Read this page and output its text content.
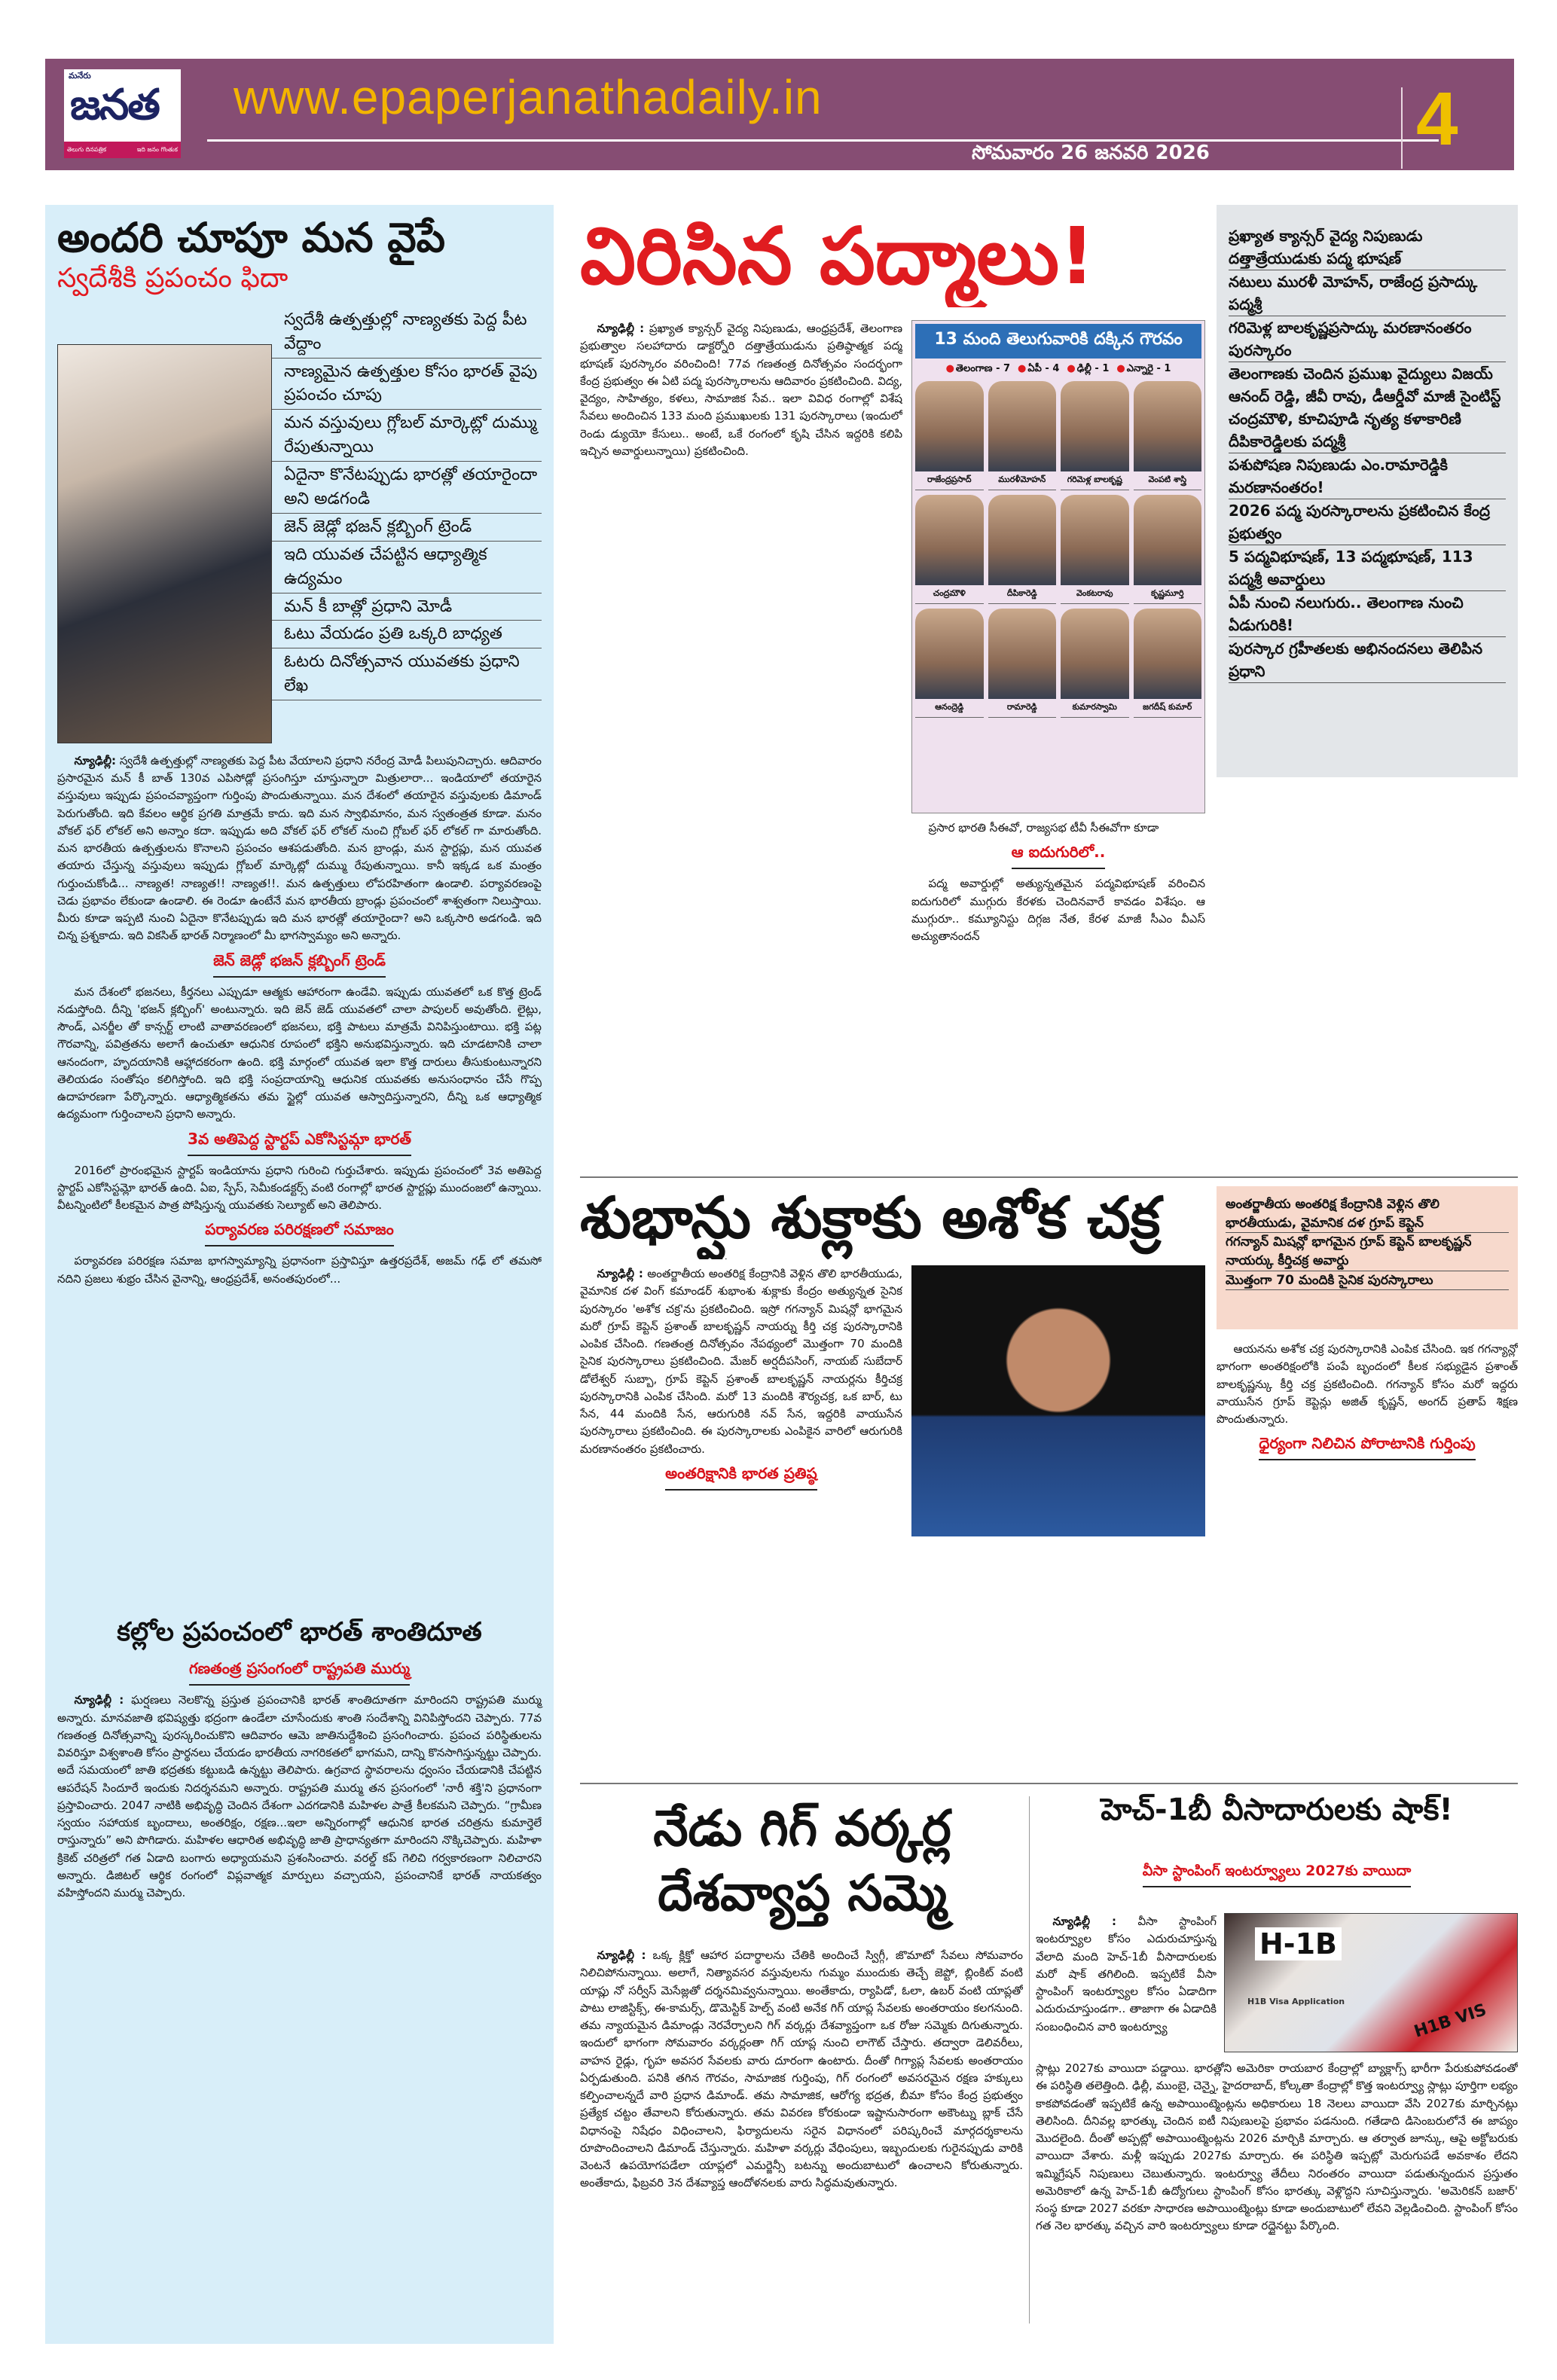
మనేరు
జనత
తెలుగు దినపత్రిక	ఇది జనం గొంతుక
www.epaperjanathadaily.in
సోమవారం 26 జనవరి 2026	4
అందరి చూపూ మన వైపే
స్వదేశీకి ప్రపంచం ఫిదా
స్వదేశీ ఉత్పత్తుల్లో నాణ్యతకు పెద్ద పీట వేద్దాం
నాణ్యమైన ఉత్పత్తుల కోసం భారత్ వైపు ప్రపంచం చూపు
మన వస్తువులు గ్లోబల్ మార్కెట్లో దుమ్ము రేపుతున్నాయి
ఏదైనా కొనేటప్పుడు భారత్లో తయారైందా అని అడగండి
జెన్ జెడ్లో భజన్ క్లబ్బింగ్ ట్రెండ్
ఇది యువత చేపట్టిన ఆధ్యాత్మిక ఉద్యమం
మన్ కీ బాత్లో ప్రధాని మోడీ
ఓటు వేయడం ప్రతి ఒక్కరి బాధ్యత
ఓటరు దినోత్సవాన యువతకు ప్రధాని లేఖ

న్యూఢిల్లీ: స్వదేశీ ఉత్పత్తుల్లో నాణ్యతకు పెద్ద పీట వేయాలని ప్రధాని నరేంద్ర మోడీ పిలుపునిచ్చారు. ఆదివారం ప్రసారమైన మన్ కీ బాత్ 130వ ఎపిసోడ్లో ప్రసంగిస్తూ చూస్తున్నారా మిత్రులారా... ఇండియాలో తయారైన వస్తువులు ఇప్పుడు ప్రపంచవ్యాప్తంగా గుర్తింపు పొందుతున్నాయి. మన దేశంలో తయారైన వస్తువులకు డిమాండ్ పెరుగుతోంది. ఇది కేవలం ఆర్థిక ప్రగతి మాత్రమే కాదు. ఇది మన స్వాభిమానం, మన స్వతంత్రత కూడా. మనం వోకల్ ఫర్ లోకల్ అని అన్నాం కదా. ఇప్పుడు అది వోకల్ ఫర్ లోకల్ నుంచి గ్లోబల్ ఫర్ లోకల్ గా మారుతోంది. మన భారతీయ ఉత్పత్తులను కొనాలని ప్రపంచం ఆశపడుతోంది. మన బ్రాండ్లు, మన స్టార్టప్లు, మన యువత తయారు చేస్తున్న వస్తువులు ఇప్పుడు గ్లోబల్ మార్కెట్లో దుమ్ము రేపుతున్నాయి. కానీ ఇక్కడ ఒక మంత్రం గుర్తుంచుకోండి... నాణ్యత! నాణ్యత!! నాణ్యత!!. మన ఉత్పత్తులు లోపరహితంగా ఉండాలి. పర్యావరణంపై చెడు ప్రభావం లేకుండా ఉండాలి. ఈ రెండూ ఉంటేనే మన భారతీయ బ్రాండ్లు ప్రపంచంలో శాశ్వతంగా నిలుస్తాయి. మీరు కూడా ఇప్పటి నుంచి ఏదైనా కొనేటప్పుడు ఇది మన భారత్లో తయారైందా? అని ఒక్కసారి అడగండి. ఇది చిన్న ప్రశ్నకాదు. ఇది వికసిత్ భారత్ నిర్మాణంలో మీ భాగస్వామ్యం అని అన్నారు.

జెన్ జెడ్లో భజన్ క్లబ్బింగ్ ట్రెండ్

మన దేశంలో భజనలు, కీర్తనలు ఎప్పుడూ ఆత్మకు ఆహారంగా ఉండేవి. ఇప్పుడు యువతలో ఒక కొత్త ట్రెండ్ నడుస్తోంది. దీన్ని 'భజన్ క్లబ్బింగ్' అంటున్నారు. ఇది జెన్ జెడ్ యువతలో చాలా పాపులర్ అవుతోంది. లైట్లు, సౌండ్, ఎనర్జీల తో కాన్సర్ట్ లాంటి వాతావరణంలో భజనలు, భక్తి పాటలు మాత్రమే వినిపిస్తుంటాయి. భక్తి పట్ల గౌరవాన్ని, పవిత్రతను అలాగే ఉంచుతూ ఆధునిక రూపంలో భక్తిని అనుభవిస్తున్నారు. ఇది చూడటానికి చాలా ఆనందంగా, హృదయానికి ఆహ్లాదకరంగా ఉంది. భక్తి మార్గంలో యువత ఇలా కొత్త దారులు తీసుకుంటున్నారని తెలియడం సంతోషం కలిగిస్తోంది. ఇది భక్తి సంప్రదాయాన్ని ఆధునిక యువతకు అనుసంధానం చేసే గొప్ప ఉదాహరణగా పేర్కొన్నారు. ఆధ్యాత్మికతను తమ స్టైల్లో యువత ఆస్వాదిస్తున్నారని, దీన్ని ఒక ఆధ్యాత్మిక ఉద్యమంగా గుర్తించాలని ప్రధాని అన్నారు.

3వ అతిపెద్ద స్టార్టప్ ఎకోసిస్టమ్గా భారత్

2016లో ప్రారంభమైన స్టార్టప్ ఇండియాను ప్రధాని గురించి గుర్తుచేశారు. ఇప్పుడు ప్రపంచంలో 3వ అతిపెద్ద స్టార్టప్ ఎకోసిస్టమ్లో భారత్ ఉంది. ఏఐ, స్పేస్, సెమీకండక్టర్స్ వంటి రంగాల్లో భారత స్టార్టప్లు ముందంజలో ఉన్నాయి. వీటన్నింటిలో కీలకమైన పాత్ర పోషిస్తున్న యువతకు సెల్యూట్ అని తెలిపారు.

పర్యావరణ పరిరక్షణలో సమాజం

పర్యావరణ పరిరక్షణ సమాజ భాగస్వామ్యాన్ని ప్రధానంగా ప్రస్తావిస్తూ ఉత్తరప్రదేశ్, అజమ్ గఢ్ లో తమసో నదిని ప్రజలు శుభ్రం చేసిన వైనాన్ని, ఆంధ్రప్రదేశ్, అనంతపురంలో...

కల్లోల ప్రపంచంలో భారత్ శాంతిదూత
గణతంత్ర ప్రసంగంలో రాష్ట్రపతి ముర్ము

న్యూఢిల్లీ : ఘర్షణలు నెలకొన్న ప్రస్తుత ప్రపంచానికి భారత్ శాంతిదూతగా మారిందని రాష్ట్రపతి ముర్ము అన్నారు. మానవజాతి భవిష్యత్తు భద్రంగా ఉండేలా చూసేందుకు శాంతి సందేశాన్ని వినిపిస్తోందని చెప్పారు. 77వ గణతంత్ర దినోత్సవాన్ని పురస్కరించుకొని ఆదివారం ఆమె జాతినుద్దేశించి ప్రసంగించారు. ప్రపంచ పరిస్థితులను వివరిస్తూ విశ్వశాంతి కోసం ప్రార్థనలు చేయడం భారతీయ నాగరికతలో భాగమని, దాన్ని కొనసాగిస్తున్నట్టు చెప్పారు. అదే సమయంలో జాతి భద్రతకు కట్టుబడి ఉన్నట్టు తెలిపారు. ఉగ్రవాద స్థావరాలను ధ్వంసం చేయడానికి చేపట్టిన ఆపరేషన్ సిందూరే ఇందుకు నిదర్శనమని అన్నారు. రాష్ట్రపతి ముర్ము తన ప్రసంగంలో 'నారీ శక్తి'ని ప్రధానంగా ప్రస్తావించారు. 2047 నాటికి అభివృద్ధి చెందిన దేశంగా ఎదగడానికి మహిళల పాత్రే కీలకమని చెప్పారు. “గ్రామీణ స్వయం సహాయక బృందాలు, అంతరిక్షం, రక్షణ...ఇలా అన్నిరంగాల్లో ఆధునిక భారత చరిత్రను కుమార్తెలే రాస్తున్నారు” అని పొగిడారు. మహిళల ఆధారిత అభివృద్ధి జాతి ప్రాధాన్యతగా మారిందని నొక్కిచెప్పారు. మహిళా క్రికెట్ చరిత్రలో గత ఏడాది బంగారు అధ్యాయమని ప్రశంసించారు. వరల్డ్ కప్ గెలిచి గర్వకారణంగా నిలిచారని అన్నారు. డిజిటల్ ఆర్థిక రంగంలో విప్లవాత్మక మార్పులు వచ్చాయని, ప్రపంచానికే భారత్ నాయకత్వం వహిస్తోందని ముర్ము చెప్పారు.

విరిసిన పద్మాలు!

న్యూఢిల్లీ : ప్రఖ్యాత క్యాన్సర్ వైద్య నిపుణుడు, ఆంధ్రప్రదేశ్, తెలంగాణ ప్రభుత్వాల సలహాదారు డాక్టర్నోరి దత్తాత్రేయుడును ప్రతిష్ఠాత్మక పద్మ భూషణ్ పురస్కారం వరించింది! 77వ గణతంత్ర దినోత్సవం సందర్భంగా కేంద్ర ప్రభుత్వం ఈ ఏటి పద్మ పురస్కారాలను ఆదివారం ప్రకటించింది. విద్య, వైద్యం, సాహిత్యం, కళలు, సామాజిక సేవ.. ఇలా వివిధ రంగాల్లో విశేష సేవలు అందించిన 133 మంది ప్రముఖులకు 131 పురస్కారాలు (ఇందులో రెండు డ్యుయో కేసులు.. అంటే, ఒకే రంగంలో కృషి చేసిన ఇద్దరికి కలిపి ఇచ్చిన అవార్డులున్నాయి) ప్రకటించింది.

13 మంది తెలుగువారికి దక్కిన గౌరవం
● తెలంగాణ - 7	● ఏపీ - 4	● ఢిల్లీ - 1	● ఎన్నారై - 1
రాజేంద్రప్రసాద్	మురళీమోహన్	గరిమెళ్ల బాలకృష్ణ	వెంపటి శాస్త్రి
చంద్రమౌళి	దీపికారెడ్డి	వెంకటరావు	కృష్ణమూర్తి
ఆనంద్రెడ్డి	రామారెడ్డి	కుమారస్వామి	జగదీష్ కుమార్

ప్రసార భారతి సీఈవో, రాజ్యసభ టీవీ సీఈవోగా కూడా

ఆ ఐదుగురిలో..

పద్మ అవార్డుల్లో అత్యున్నతమైన పద్మవిభూషణ్ వరించిన ఐదుగురిలో ముగ్గురు కేరళకు చెందినవారే కావడం విశేషం. ఆ ముగ్గురూ.. కమ్యూనిస్టు దిగ్గజ నేత, కేరళ మాజీ సీఎం వీఎస్ అచ్యుతానందన్

ప్రఖ్యాత క్యాన్సర్ వైద్య నిపుణుడు దత్తాత్రేయుడుకు పద్మ భూషణ్
నటులు మురళీ మోహన్, రాజేంద్ర ప్రసాద్కు పద్మశ్రీ
గరిమెళ్ల బాలకృష్ణప్రసాద్కు మరణానంతరం పురస్కారం
తెలంగాణకు చెందిన ప్రముఖ వైద్యులు విజయ్ ఆనంద్ రెడ్డి, జీవీ రావు, డీఆర్డీవో మాజీ సైంటిస్ట్ చంద్రమౌళి, కూచిపూడి నృత్య కళాకారిణి దీపికారెడ్డిలకు పద్మశ్రీ
పశుపోషణ నిపుణుడు ఎం.రామారెడ్డికి మరణానంతరం!
2026 పద్మ పురస్కారాలను ప్రకటించిన కేంద్ర ప్రభుత్వం
5 పద్మవిభూషణ్, 13 పద్మభూషణ్, 113 పద్మశ్రీ అవార్డులు
ఏపీ నుంచి నలుగురు.. తెలంగాణ నుంచి ఏడుగురికి!
పురస్కార గ్రహీతలకు అభినందనలు తెలిపిన ప్రధాని
శుభాన్షు శుక్లాకు అశోక చక్ర

న్యూఢిల్లీ : అంతర్జాతీయ అంతరిక్ష కేంద్రానికి వెళ్లిన తొలి భారతీయుడు, వైమానిక దళ వింగ్ కమాండర్ శుభాంశు శుక్లాకు కేంద్రం అత్యున్నత సైనిక పురస్కారం 'అశోక చక్ర'ను ప్రకటించింది. ఇస్రో గగన్యాన్ మిషన్లో భాగమైన మరో గ్రూప్ కెప్టెన్ ప్రశాంత్ బాలకృష్ణన్ నాయర్ను కీర్తి చక్ర పురస్కారానికి ఎంపిక చేసింది. గణతంత్ర దినోత్సవం నేపథ్యంలో మొత్తంగా 70 మందికి సైనిక పురస్కారాలు ప్రకటించింది. మేజర్ అర్షదీపసింగ్, నాయబ్ సుబేదార్ డోలేశ్వర్ సుబ్బా, గ్రూప్ కెప్టెన్ ప్రశాంత్ బాలకృష్ణన్ నాయర్లను కీర్తిచక్ర పురస్కారానికి ఎంపిక చేసింది. మరో 13 మందికి శౌర్యచక్ర, ఒక బార్, టు సేన, 44 మందికి సేన, ఆరుగురికి నవ్ సేన, ఇద్దరికి వాయుసేన పురస్కారాలు ప్రకటించింది. ఈ పురస్కారాలకు ఎంపికైన వారిలో ఆరుగురికి మరణానంతరం ప్రకటించారు.

అంతరిక్షానికి భారత ప్రతిష్ఠ
అంతర్జాతీయ అంతరిక్ష కేంద్రానికి వెళ్లిన తొలి భారతీయుడు, వైమానిక దళ గ్రూప్ కెప్టెన్
గగన్యాన్ మిషన్లో భాగమైన గ్రూప్ కెప్టెన్ బాలకృష్ణన్ నాయర్కు కీర్తిచక్ర అవార్డు
మొత్తంగా 70 మందికి సైనిక పురస్కారాలు

ఆయనను అశోక చక్ర పురస్కారానికి ఎంపిక చేసింది. ఇక గగన్యాన్లో భాగంగా అంతరిక్షంలోకి పంపే బృందంలో కీలక సభ్యుడైన ప్రశాంత్ బాలకృష్ణన్కు కీర్తి చక్ర ప్రకటించింది. గగన్యాన్ కోసం మరో ఇద్దరు వాయుసేన గ్రూప్ కెప్టెన్లు అజిత్ కృష్ణన్, అంగద్ ప్రతాప్ శిక్షణ పొందుతున్నారు.

ధైర్యంగా నిలిచిన పోరాటానికి గుర్తింపు
నేడు గిగ్ వర్కర్ల
దేశవ్యాప్త సమ్మె

న్యూఢిల్లీ : ఒక్క క్లిక్తో ఆహార పదార్థాలను చేతికి అందించే స్విగ్గీ, జొమాటో సేవలు సోమవారం నిలిచిపోనున్నాయి. అలాగే, నిత్యావసర వస్తువులను గుమ్మం ముందుకు తెచ్చే జెప్టో, బ్లింకిట్ వంటి యాప్లు నో సర్వీస్ మెసేజ్లతో దర్శనమివ్వనున్నాయి. అంతేకాదు, ర్యాపిడో, ఓలా, ఉబర్ వంటి యాప్లతో పాటు లాజిస్టిక్స్, ఈ-కామర్స్, డొమెస్టిక్ హెల్ప్ వంటి అనేక గిగ్ యాప్ల సేవలకు అంతరాయం కలగనుంది. తమ న్యాయమైన డిమాండ్లు నెరవేర్చాలని గిగ్ వర్కర్లు దేశవ్యాప్తంగా ఒక రోజు సమ్మెకు దిగుతున్నారు. ఇందులో భాగంగా సోమవారం వర్కర్లంతా గిగ్ యాప్ల నుంచి లాగౌట్ చేస్తారు. తద్వారా డెలివరీలు, వాహన రైడ్లు, గృహ అవసర సేవలకు వారు దూరంగా ఉంటారు. దీంతో గిగ్యాప్ల సేవలకు అంతరాయం ఏర్పడుతుంది. పనికి తగిన గౌరవం, సామాజిక గుర్తింపు, గిగ్ రంగంలో అవసరమైన రక్షణ హక్కులు కల్పించాలన్నదే వారి ప్రధాన డిమాండ్. తమ సామాజిక, ఆరోగ్య భద్రత, బీమా కోసం కేంద్ర ప్రభుత్వం ప్రత్యేక చట్టం తేవాలని కోరుతున్నారు. తమ వివరణ కోరకుండా ఇష్టానుసారంగా అకౌంట్ను బ్లాక్ చేసే విధానంపై నిషేధం విధించాలని, ఫిర్యాదులను సరైన విధానంలో పరిష్కరించే మార్గదర్శకాలను రూపొందించాలని డిమాండ్ చేస్తున్నారు. మహిళా వర్కర్లు వేధింపులు, ఇబ్బందులకు గురైనప్పుడు వారికి వెంటనే ఉపయోగపడేలా యాప్లలో ఎమర్జెన్సీ బటన్ను అందుబాటులో ఉంచాలని కోరుతున్నారు. అంతేకాదు, ఫిబ్రవరి 3న దేశవ్యాప్త ఆందోళనలకు వారు సిద్ధమవుతున్నారు.

హెచ్-1బీ వీసాదారులకు షాక్!
వీసా స్టాంపింగ్ ఇంటర్వ్యూలు 2027కు వాయిదా

న్యూఢిల్లీ : వీసా స్టాంపింగ్ ఇంటర్వ్యూల కోసం ఎదురుచూస్తున్న వేలాది మంది హెచ్-1బీ వీసాదారులకు మరో షాక్ తగిలింది. ఇప్పటికే వీసా స్టాంపింగ్ ఇంటర్వ్యూల కోసం ఏడాదిగా ఎదురుచూస్తుండగా.. తాజాగా ఈ ఏడాదికి సంబంధించిన వారి ఇంటర్వ్యూ

H-1B
H1B Visa Application	H1B VIS

స్లాట్లు 2027కు వాయిదా పడ్డాయి. భారత్లోని అమెరికా రాయబార కేంద్రాల్లో బ్యాక్లాగ్స్ భారీగా పేరుకుపోవడంతో ఈ పరిస్థితి తలెత్తింది. ఢిల్లీ, ముంబై, చెన్నై, హైదరాబాద్, కోల్కతా కేంద్రాల్లో కొత్త ఇంటర్వ్యూ స్లాట్లు పూర్తిగా లభ్యం కాకపోవడంతో ఇప్పటికే ఉన్న అపాయింట్మెంట్లను అధికారులు 18 నెలలు వాయిదా వేసి 2027కు మార్చినట్లు తెలిసింది. దీనివల్ల భారత్కు చెందిన ఐటీ నిపుణులపై ప్రభావం పడనుంది. గతేడాది డిసెంబరులోనే ఈ జాప్యం మొదలైంది. దీంతో అప్పట్లో అపాయింట్మెంట్లను 2026 మార్చికి మార్చారు. ఆ తర్వాత జూన్కు, ఆపై అక్టోబరుకు వాయిదా వేశారు. మళ్లీ ఇప్పుడు 2027కు మార్చారు. ఈ పరిస్థితి ఇప్పట్లో మెరుగుపడే అవకాశం లేదని ఇమ్మిగ్రేషన్ నిపుణులు చెబుతున్నారు. ఇంటర్వ్యూ తేదీలు నిరంతరం వాయిదా పడుతున్నందున ప్రస్తుతం అమెరికాలో ఉన్న హెచ్-1బీ ఉద్యోగులు స్టాంపింగ్ కోసం భారత్కు వెళ్లొద్దని సూచిస్తున్నారు. 'అమెరికన్ బజార్' సంస్థ కూడా 2027 వరకూ సాధారణ అపాయింట్మెంట్లు కూడా అందుబాటులో లేవని వెల్లడించింది. స్టాంపింగ్ కోసం గత నెల భారత్కు వచ్చిన వారి ఇంటర్వ్యూలు కూడా రద్దైనట్టు పేర్కొంది.
